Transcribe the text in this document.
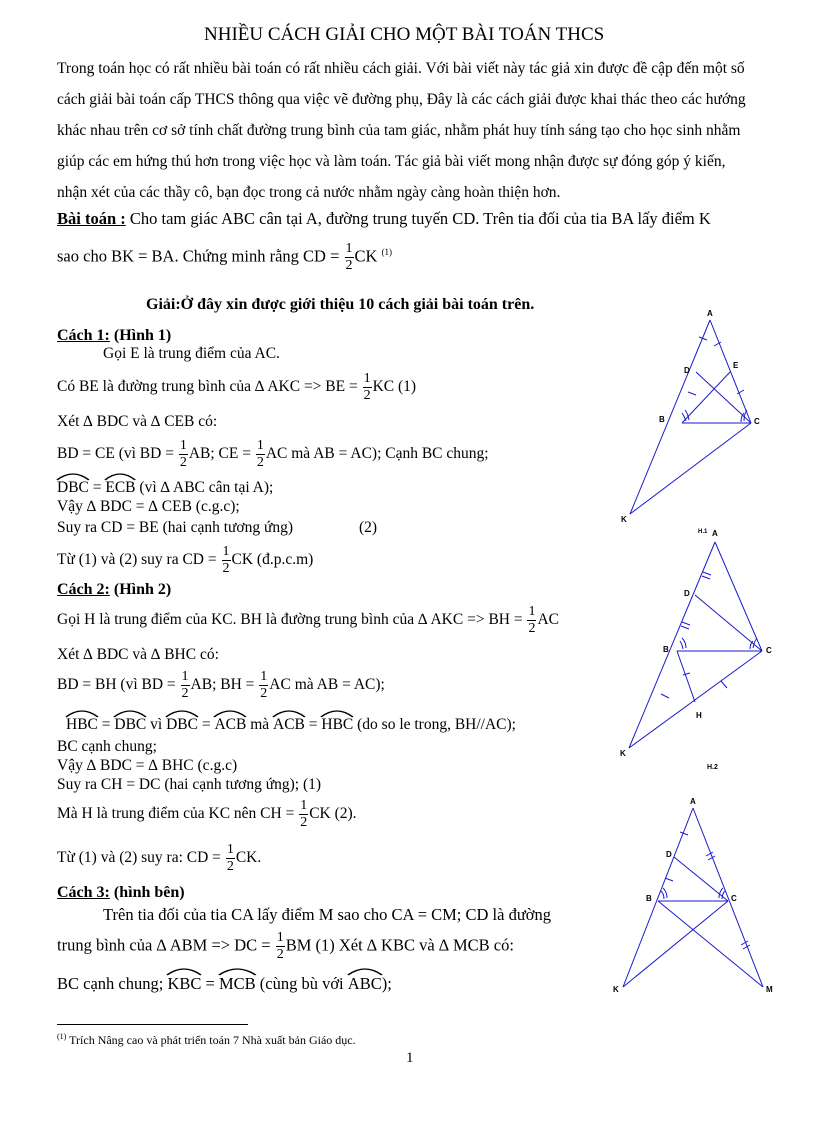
NHIỀU CÁCH GIẢI CHO MỘT BÀI TOÁN THCS
Trong toán học có rất nhiều bài toán có rất nhiều cách giải. Với bài viết này tác giả xin được đề cập đến một số
cách giải bài toán cấp THCS thông qua việc vẽ đường phụ, Đây là các cách giải được khai thác theo các hướng
khác nhau trên cơ sở tính chất đường trung bình của tam giác, nhằm phát huy tính sáng tạo cho học sinh nhằm
giúp các em hứng thú hơn trong việc học và làm toán. Tác giả bài viết mong nhận được sự đóng góp ý kiến,
nhận xét của các thầy cô, bạn đọc trong cả nước nhằm ngày càng hoàn thiện hơn.
Bài toán : Cho tam giác ABC cân tại A, đường trung tuyến CD. Trên tia đối của tia BA lấy điểm K
sao cho BK = BA. Chứng minh rằng CD = $\frac{1}{2}$ CK $^{(1)}$
Giải:Ở đây xin được giới thiệu 10 cách giải bài toán trên.
Cách 1: (Hình 1)
Gọi E là trung điểm của AC.
Có BE là đường trung bình của ∆ AKC => BE = $\frac{1}{2}$ KC (1)
Xét ∆ BDC và ∆ CEB có:
BD = CE (vì BD = $\frac{1}{2}$ AB; CE = $\frac{1}{2}$ AC mà AB = AC); Cạnh BC chung;
DBC =
ECB (vì ∆ ABC cân tại A);
Vậy ∆ BDC = ∆ CEB (c.g.c);
Suy ra CD = BE (hai cạnh tương ứng)	(2)
Từ (1) và (2) suy ra CD = $\frac{1}{2}$ CK (đ.p.c.m)
Cách 2: (Hình 2)
Gọi H là trung điểm của KC. BH là đường trung bình của ∆ AKC => BH = $\frac{1}{2}$ AC
Xét ∆ BDC và ∆ BHC có:
BD = BH (vì BD = $\frac{1}{2}$ AB; BH = $\frac{1}{2}$ AC mà AB = AC);
HBC =
DBC vì DBC =
ACB mà ACB =
HBC (do so le trong, BH//AC);
BC cạnh chung;
Vậy ∆ BDC = ∆ BHC (c.g.c)
Suy ra CH = DC (hai cạnh tương ứng); (1)
Mà H là trung điểm của KC nên CH = $\frac{1}{2}$ CK (2).
Từ (1) và (2) suy ra: CD = $\frac{1}{2}$ CK.
Cách 3: (hình bên)
Trên tia đối của tia CA lấy điểm M sao cho CA = CM; CD là đường
trung bình của ∆ ABM => DC = $\frac{1}{2}$ BM (1) Xét ∆ KBC và ∆ MCB có:
BC cạnh chung; KBC =
MCB (cùng bù với ABC);
$^{(1)}$ Trích Nâng cao và phát triển toán 7 Nhà xuất bản Giáo dục.
1
A
D
E
B	C
K
H.1 A
D
B	C
H
K
H.2
A
D
B	C
K	M
